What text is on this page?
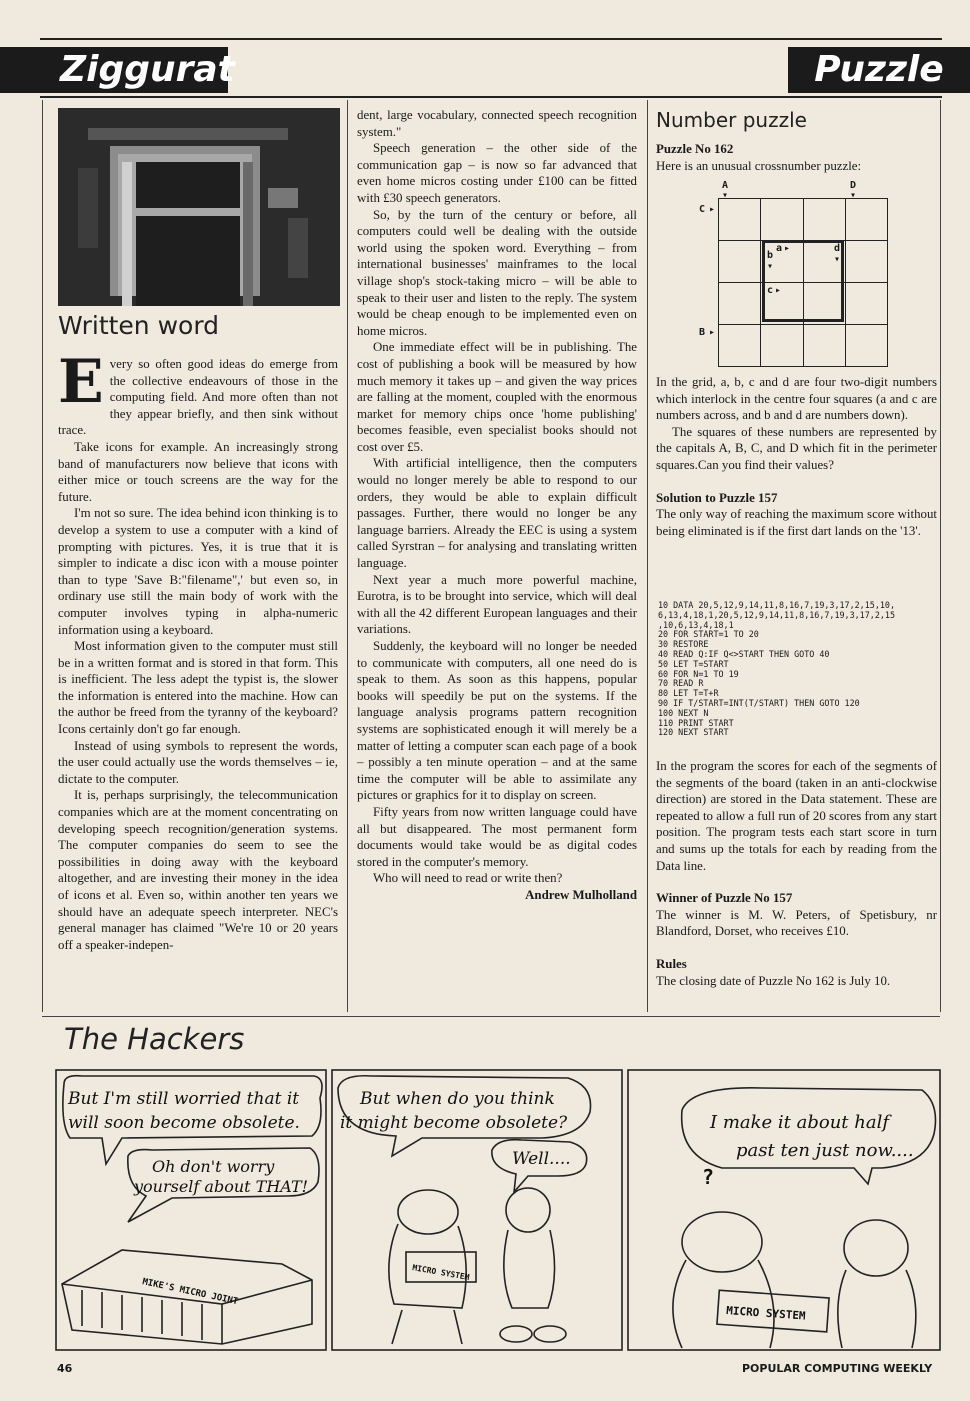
Ziggurat	Puzzle
Written word

Every so often good ideas do emerge from the collective endeavours of those in the computing field. And more often than not they appear briefly, and then sink without trace.

Take icons for example. An increasingly strong band of manufacturers now believe that icons with either mice or touch screens are the way for the future.

I'm not so sure. The idea behind icon thinking is to develop a system to use a computer with a kind of prompting with pictures. Yes, it is true that it is simpler to indicate a disc icon with a mouse pointer than to type 'Save B:"filename",' but even so, in ordinary use still the main body of work with the computer involves typing in alpha-numeric information using a keyboard.

Most information given to the computer must still be in a written format and is stored in that form. This is inefficient. The less adept the typist is, the slower the information is entered into the machine. How can the author be freed from the tyranny of the keyboard? Icons certainly don't go far enough.

Instead of using symbols to represent the words, the user could actually use the words themselves – ie, dictate to the computer.

It is, perhaps surprisingly, the telecommunication companies which are at the moment concentrating on developing speech recognition/generation systems. The computer companies do seem to see the possibilities in doing away with the keyboard altogether, and are investing their money in the idea of icons et al. Even so, within another ten years we should have an adequate speech interpreter. NEC's general manager has claimed "We're 10 or 20 years off a speaker-indepen-

dent, large vocabulary, connected speech recognition system."

Speech generation – the other side of the communication gap – is now so far advanced that even home micros costing under £100 can be fitted with £30 speech generators.

So, by the turn of the century or before, all computers could well be dealing with the outside world using the spoken word. Everything – from international businesses' mainframes to the local village shop's stock-taking micro – will be able to speak to their user and listen to the reply. The system would be cheap enough to be implemented even on home micros.

One immediate effect will be in publishing. The cost of publishing a book will be measured by how much memory it takes up – and given the way prices are falling at the moment, coupled with the enormous market for memory chips once 'home publishing' becomes feasible, even specialist books should not cost over £5.

With artificial intelligence, then the computers would no longer merely be able to respond to our orders, they would be able to explain difficult passages. Further, there would no longer be any language barriers. Already the EEC is using a system called Syrstran – for analysing and translating written language.

Next year a much more powerful machine, Eurotra, is to be brought into service, which will deal with all the 42 different European languages and their variations.

Suddenly, the keyboard will no longer be needed to communicate with computers, all one need do is speak to them. As soon as this happens, popular books will speedily be put on the systems. If the language analysis programs pattern recognition systems are sophisticated enough it will merely be a matter of letting a computer scan each page of a book – possibly a ten minute operation – and at the same time the computer will be able to assimilate any pictures or graphics for it to display on screen.

Fifty years from now written language could have all but disappeared. The most permanent form documents would take would be as digital codes stored in the computer's memory.

Who will need to read or write then?

Andrew Mulholland

Number puzzle

Puzzle No 162

Here is an unusual crossnumber puzzle:

A
▾
D
▾
C ▸
B ▸
b
a ▸
▾
d
▾
c ▸

In the grid, a, b, c and d are four two-digit numbers which interlock in the centre four squares (a and c are numbers across, and b and d are numbers down).

The squares of these numbers are represented by the capitals A, B, C, and D which fit in the perimeter squares.Can you find their values?

Solution to Puzzle 157

The only way of reaching the maximum score without being eliminated is if the first dart lands on the '13'.

10 DATA 20,5,12,9,14,11,8,16,7,19,3,17,2,15,10,
6,13,4,18,1,20,5,12,9,14,11,8,16,7,19,3,17,2,15
,10,6,13,4,18,1
20 FOR START=1 TO 20
30 RESTORE
40 READ Q:IF Q<>START THEN GOTO 40
50 LET T=START
60 FOR N=1 TO 19
70 READ R
80 LET T=T+R
90 IF T/START=INT(T/START) THEN GOTO 120
100 NEXT N
110 PRINT START
120 NEXT START

In the program the scores for each of the segments of the segments of the board (taken in an anti-clockwise direction) are stored in the Data statement. These are repeated to allow a full run of 20 scores from any start position. The program tests each start score in turn and sums up the totals for each by reading from the Data line.

Winner of Puzzle No 157

The winner is M. W. Peters, of Spetisbury, nr Blandford, Dorset, who receives £10.

Rules

The closing date of Puzzle No 162 is July 10.

The Hackers
But I'm still worried that it
will soon become obsolete.
Oh don't worry
yourself about THAT!
But when do you think
it might become obsolete?
Well....
I make it about half
past ten just now....
MIKE'S MICRO JOINT
MICRO SYSTEM
MICRO SYSTEM
?
46	POPULAR COMPUTING WEEKLY
